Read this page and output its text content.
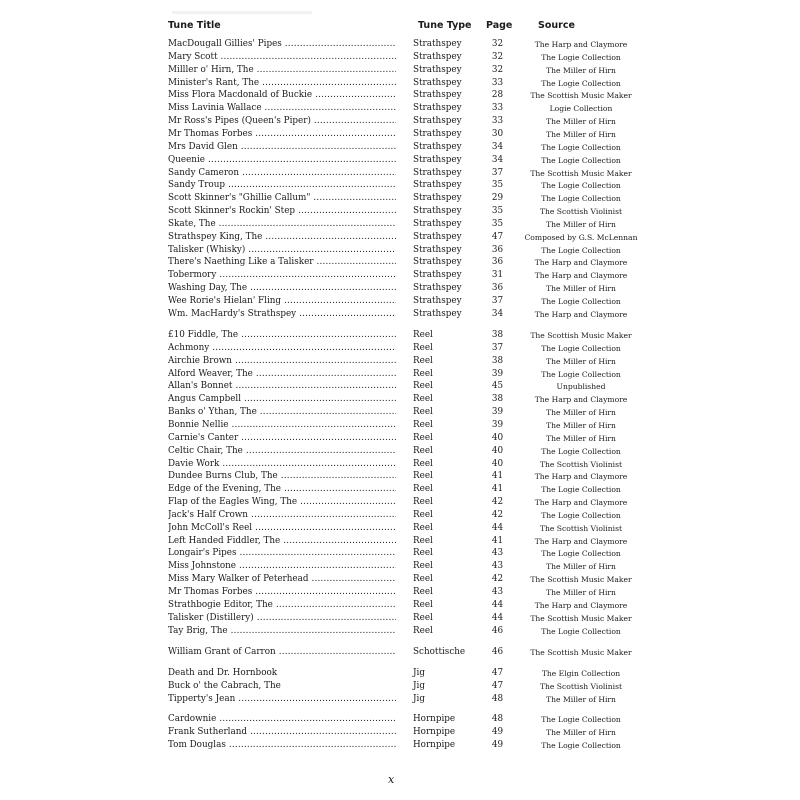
Tune Title	Tune Type Page	Source
MacDougall Gillies' Pipes .....	Strathspey	32	The Harp and Claymore
Mary Scott .....	Strathspey	32	The Logie Collection
Milller o' Hirn, The .....	Strathspey	32	The Miller of Hirn
Minister's Rant, The .....	Strathspey	33	The Logie Collection
Miss Flora Macdonald of Buckie .....	Strathspey	28	The Scottish Music Maker
Miss Lavinia Wallace .....	Strathspey	33	Logie Collection
Mr Ross's Pipes (Queen's Piper) .....	Strathspey	33	The Miller of Hirn
Mr Thomas Forbes .....	Strathspey	30	The Miller of Hirn
Mrs David Glen .....	Strathspey	34	The Logie Collection
Queenie .....	Strathspey	34	The Logie Collection
Sandy Cameron .....	Strathspey	37	The Scottish Music Maker
Sandy Troup .....	Strathspey	35	The Logie Collection
Scott Skinner's "Ghillie Callum" .....	Strathspey	29	The Logie Collection
Scott Skinner's Rockin' Step .....	Strathspey	35	The Scottish Violinist
Skate, The .....	Strathspey	35	The Miller of Hirn
Strathspey King, The .....	Strathspey	47	Composed by G.S. McLennan
Talisker (Whisky) .....	Strathspey	36	The Logie Collection
There's Naething Like a Talisker .....	Strathspey	36	The Harp and Claymore
Tobermory .....	Strathspey	31	The Harp and Claymore
Washing Day, The .....	Strathspey	36	The Miller of Hirn
Wee Rorie's Hielan' Fling .....	Strathspey	37	The Logie Collection
Wm. MacHardy's Strathspey .....	Strathspey	34	The Harp and Claymore
£10 Fiddle, The .....	Reel	38	The Scottish Music Maker
Achmony .....	Reel	37	The Logie Collection
Airchie Brown .....	Reel	38	The Miller of Hirn
Alford Weaver, The .....	Reel	39	The Logie Collection
Allan's Bonnet .....	Reel	45	Unpublished
Angus Campbell .....	Reel	38	The Harp and Claymore
Banks o' Ythan, The .....	Reel	39	The Miller of Hirn
Bonnie Nellie .....	Reel	39	The Miller of Hirn
Carnie's Canter .....	Reel	40	The Miller of Hirn
Celtic Chair, The .....	Reel	40	The Logie Collection
Davie Work .....	Reel	40	The Scottish Violinist
Dundee Burns Club, The .....	Reel	41	The Harp and Claymore
Edge of the Evening, The .....	Reel	41	The Logie Collection
Flap of the Eagles Wing, The .....	Reel	42	The Harp and Claymore
Jack's Half Crown .....	Reel	42	The Logie Collection
John McColl's Reel .....	Reel	44	The Scottish Violinist
Left Handed Fiddler, The .....	Reel	41	The Harp and Claymore
Longair's Pipes .....	Reel	43	The Logie Collection
Miss Johnstone .....	Reel	43	The Miller of Hirn
Miss Mary Walker of Peterhead .....	Reel	42	The Scottish Music Maker
Mr Thomas Forbes .....	Reel	43	The Miller of Hirn
Strathbogie Editor, The .....	Reel	44	The Harp and Claymore
Talisker (Distillery) .....	Reel	44	The Scottish Music Maker
Tay Brig, The .....	Reel	46	The Logie Collection
William Grant of Carron .....	Schottische	46	The Scottish Music Maker
Death and Dr. Hornbook	Jig	47	The Elgin Collection
Buck o' the Cabrach, The	Jig	47	The Scottish Violinist
Tipperty's Jean .....	Jig	48	The Miller of Hirn
Cardownie .....	Hornpipe	48	The Logie Collection
Frank Sutherland .....	Hornpipe	49	The Miller of Hirn
Tom Douglas .....	Hornpipe	49	The Logie Collection
x
